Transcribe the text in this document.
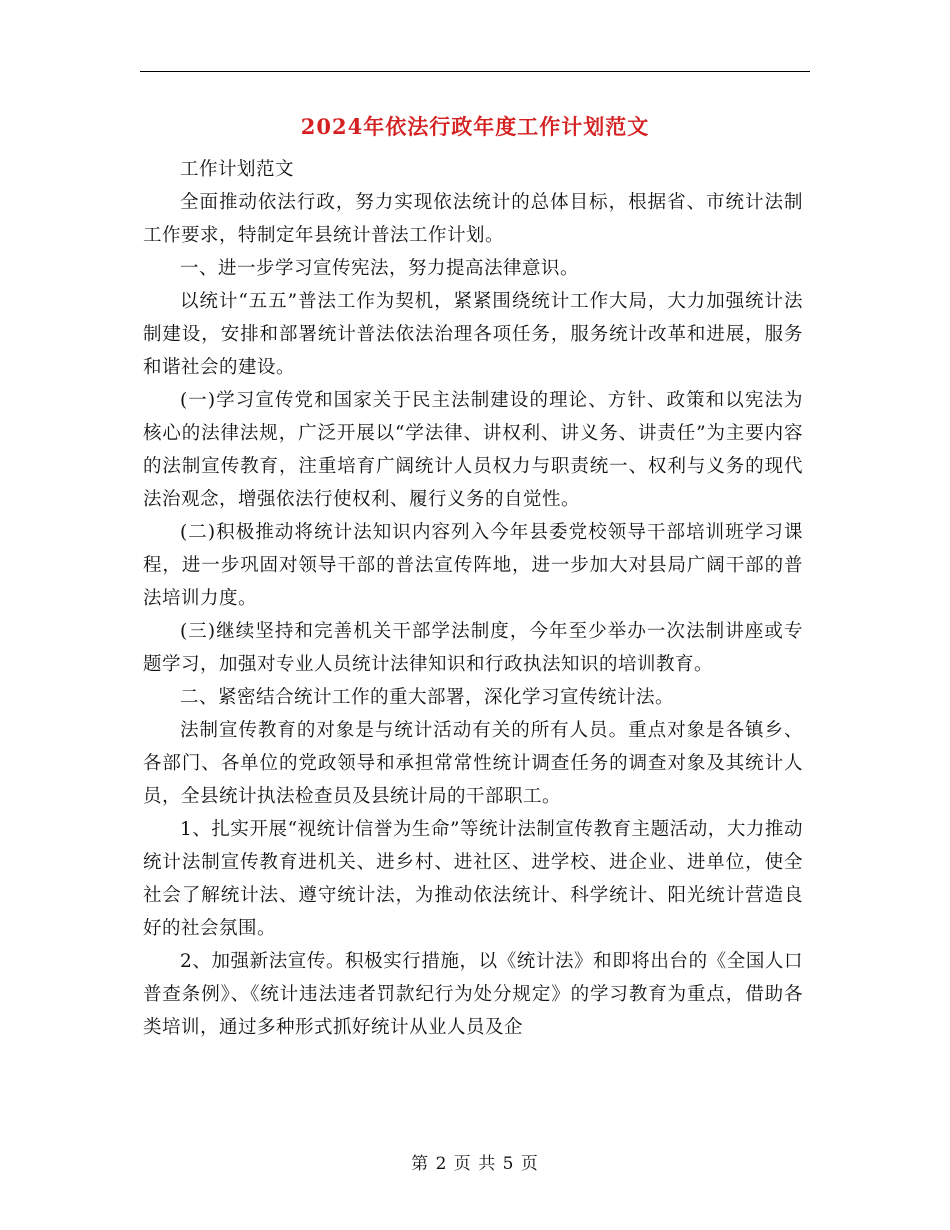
2024年依法行政年度工作计划范文

工作计划范文

全面推动依法行政，努力实现依法统计的总体目标，根据省、市统计法制工作要求，特制定年县统计普法工作计划。

一、进一步学习宣传宪法，努力提高法律意识。

以统计“五五”普法工作为契机，紧紧围绕统计工作大局，大力加强统计法制建设，安排和部署统计普法依法治理各项任务，服务统计改革和进展，服务和谐社会的建设。

(一)学习宣传党和国家关于民主法制建设的理论、方针、政策和以宪法为核心的法律法规，广泛开展以“学法律、讲权利、讲义务、讲责任”为主要内容的法制宣传教育，注重培育广阔统计人员权力与职责统一、权利与义务的现代法治观念，增强依法行使权利、履行义务的自觉性。

(二)积极推动将统计法知识内容列入今年县委党校领导干部培训班学习课程，进一步巩固对领导干部的普法宣传阵地，进一步加大对县局广阔干部的普法培训力度。

(三)继续坚持和完善机关干部学法制度，今年至少举办一次法制讲座或专题学习，加强对专业人员统计法律知识和行政执法知识的培训教育。

二、紧密结合统计工作的重大部署，深化学习宣传统计法。

法制宣传教育的对象是与统计活动有关的所有人员。重点对象是各镇乡、各部门、各单位的党政领导和承担常常性统计调查任务的调查对象及其统计人员，全县统计执法检查员及县统计局的干部职工。

1、扎实开展“视统计信誉为生命”等统计法制宣传教育主题活动，大力推动统计法制宣传教育进机关、进乡村、进社区、进学校、进企业、进单位，使全社会了解统计法、遵守统计法，为推动依法统计、科学统计、阳光统计营造良好的社会氛围。

2、加强新法宣传。积极实行措施，以《统计法》和即将出台的《全国人口普查条例》、《统计违法违者罚款纪行为处分规定》的学习教育为重点，借助各类培训，通过多种形式抓好统计从业人员及企

第 2 页 共 5 页
